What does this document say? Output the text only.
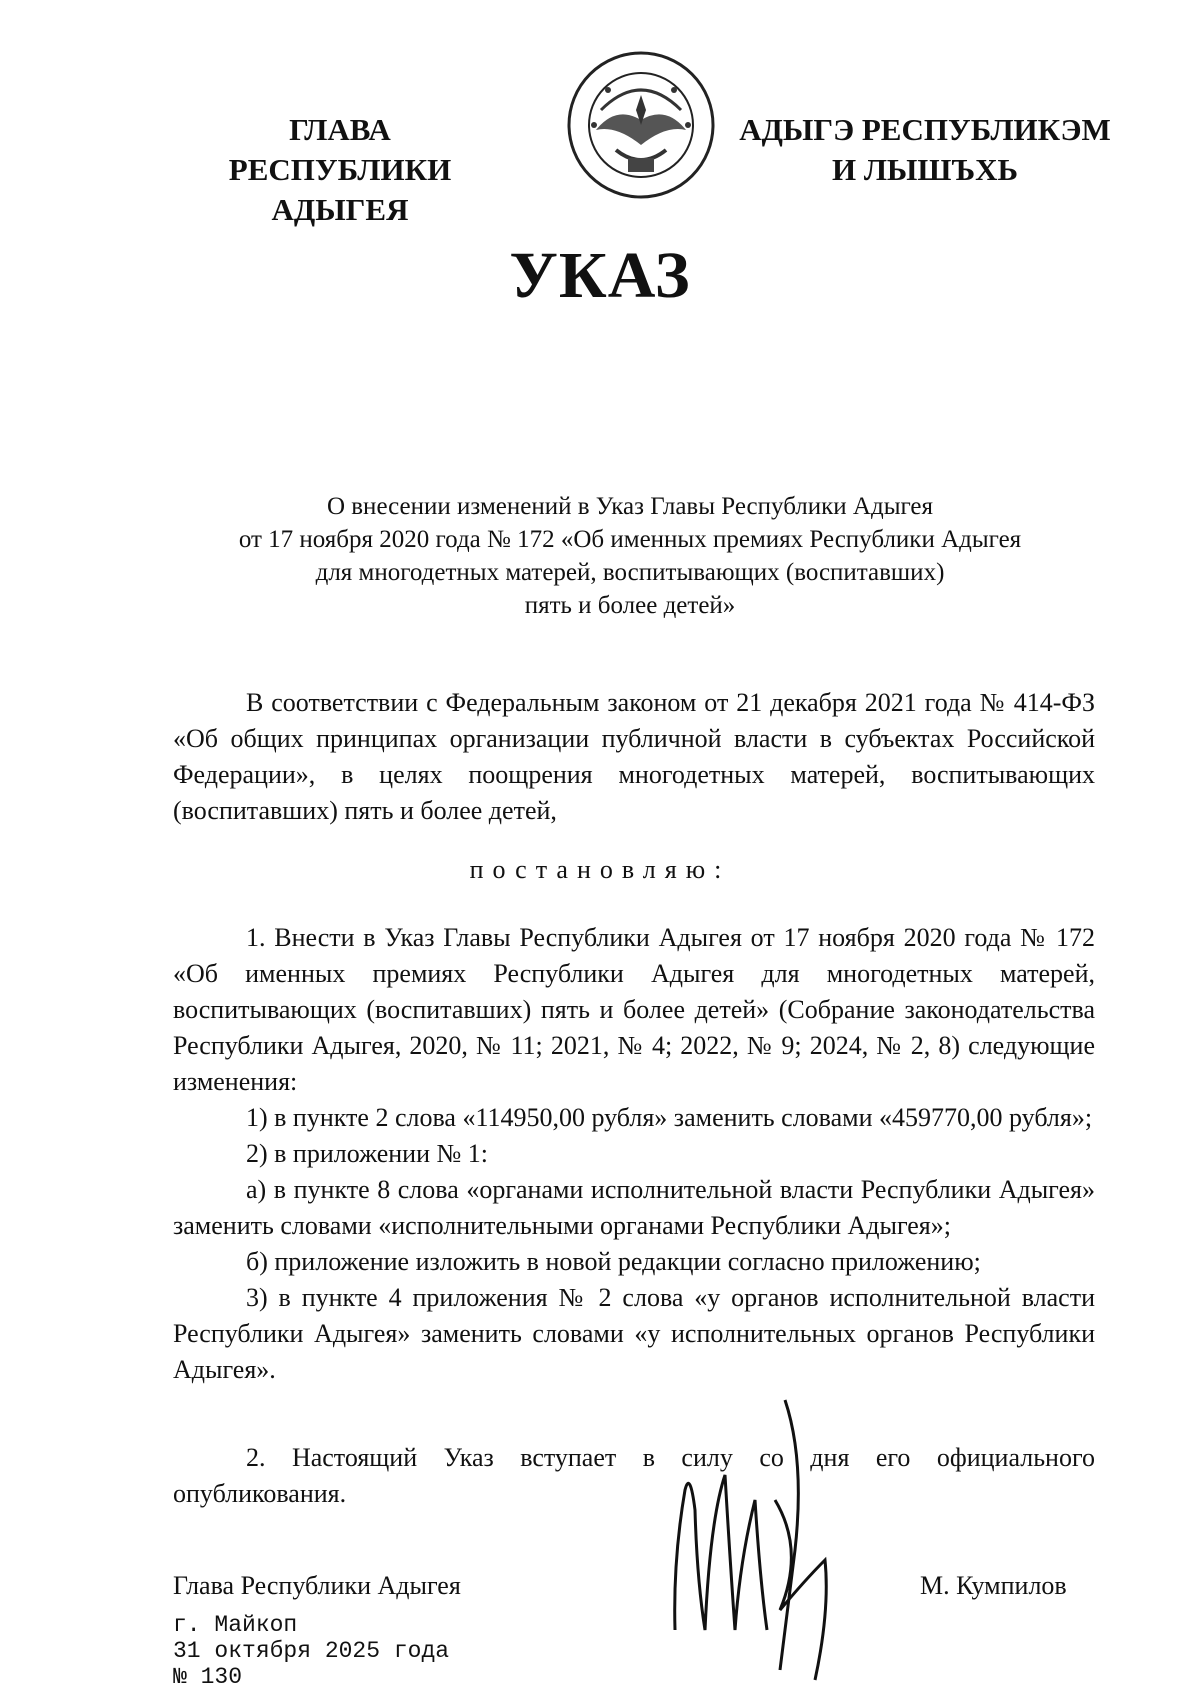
ГЛАВА
РЕСПУБЛИКИ АДЫГЕЯ
АДЫГЭ РЕСПУБЛИКЭМ
И ЛЫШЪХЬ
УКАЗ
О внесении изменений в Указ Главы Республики Адыгея
от 17 ноября 2020 года № 172 «Об именных премиях Республики Адыгея
для многодетных матерей, воспитывающих (воспитавших)
пять и более детей»
В соответствии с Федеральным законом от 21 декабря 2021 года № 414-ФЗ «Об общих принципах организации публичной власти в субъектах Российской Федерации», в целях поощрения многодетных матерей, воспитывающих (воспитавших) пять и более детей,
постановляю:
1. Внести в Указ Главы Республики Адыгея от 17 ноября 2020 года № 172 «Об именных премиях Республики Адыгея для многодетных матерей, воспитывающих (воспитавших) пять и более детей» (Собрание законодательства Республики Адыгея, 2020, № 11; 2021, № 4; 2022, № 9; 2024, № 2, 8) следующие изменения:
1) в пункте 2 слова «114950,00 рубля» заменить словами «459770,00 рубля»;
2) в приложении № 1:
а) в пункте 8 слова «органами исполнительной власти Республики Адыгея» заменить словами «исполнительными органами Республики Адыгея»;
б) приложение изложить в новой редакции согласно приложению;
3) в пункте 4 приложения № 2 слова «у органов исполнительной власти Республики Адыгея» заменить словами «у исполнительных органов Республики Адыгея».
2. Настоящий Указ вступает в силу со дня его официального опубликования.
Глава Республики Адыгея	М. Кумпилов
г. Майкоп
31 октября 2025 года
№ 130
